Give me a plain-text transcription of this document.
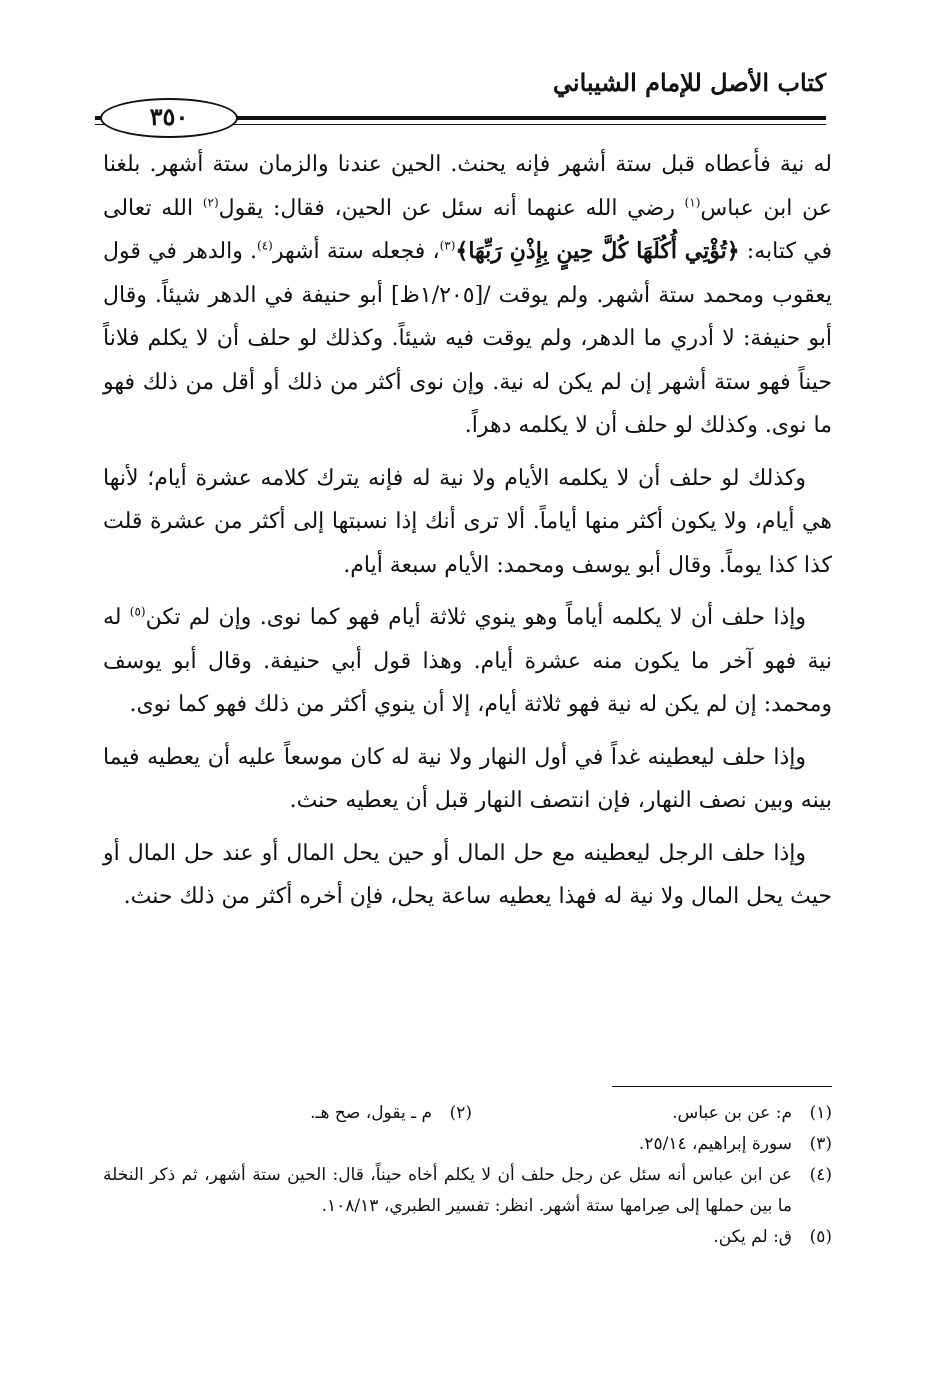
كتاب الأصل للإمام الشيباني
٣٥٠

له نية فأعطاه قبل ستة أشهر فإنه يحنث. الحين عندنا والزمان ستة أشهر. بلغنا عن ابن عباس$^{(١)}$ رضي الله عنهما أنه سئل عن الحين، فقال: يقول$^{(٢)}$ الله تعالى في كتابه: ﴿تُؤْتِي أُكُلَهَا كُلَّ حِينٍ بِإِذْنِ رَبِّهَا﴾$^{(٣)}$، فجعله ستة أشهر$^{(٤)}$. والدهر في قول يعقوب ومحمد ستة أشهر. ولم يوقت /[١/٢٠٥ظ] أبو حنيفة في الدهر شيئاً. وقال أبو حنيفة: لا أدري ما الدهر، ولم يوقت فيه شيئاً. وكذلك لو حلف أن لا يكلم فلاناً حيناً فهو ستة أشهر إن لم يكن له نية. وإن نوى أكثر من ذلك أو أقل من ذلك فهو ما نوى. وكذلك لو حلف أن لا يكلمه دهراً.

وكذلك لو حلف أن لا يكلمه الأيام ولا نية له فإنه يترك كلامه عشرة أيام؛ لأنها هي أيام، ولا يكون أكثر منها أياماً. ألا ترى أنك إذا نسبتها إلى أكثر من عشرة قلت كذا كذا يوماً. وقال أبو يوسف ومحمد: الأيام سبعة أيام.

وإذا حلف أن لا يكلمه أياماً وهو ينوي ثلاثة أيام فهو كما نوى. وإن لم تكن$^{(٥)}$ له نية فهو آخر ما يكون منه عشرة أيام. وهذا قول أبي حنيفة. وقال أبو يوسف ومحمد: إن لم يكن له نية فهو ثلاثة أيام، إلا أن ينوي أكثر من ذلك فهو كما نوى.

وإذا حلف ليعطينه غداً في أول النهار ولا نية له كان موسعاً عليه أن يعطيه فيما بينه وبين نصف النهار، فإن انتصف النهار قبل أن يعطيه حنث.

وإذا حلف الرجل ليعطينه مع حل المال أو حين يحل المال أو عند حل المال أو حيث يحل المال ولا نية له فهذا يعطيه ساعة يحل، فإن أخره أكثر من ذلك حنث.

(١)
م: عن بن عباس.
(٢)
م ـ يقول، صح هـ.
(٣)
سورة إبراهيم، ٢٥/١٤.
(٤)
عن ابن عباس أنه سئل عن رجل حلف أن لا يكلم أخاه حيناً، قال: الحين ستة أشهر، ثم ذكر النخلة ما بين حملها إلى صِرامها ستة أشهر. انظر: تفسير الطبري، ١٠٨/١٣.
(٥)
ق: لم يكن.
